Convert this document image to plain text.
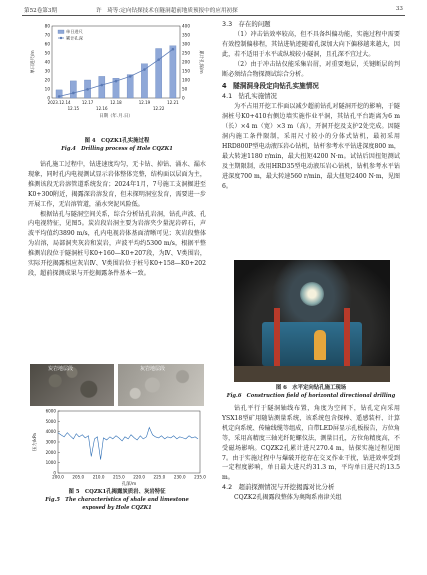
第52卷第3期	许　琦等:定向钻探技术在隧洞超前地质预报中的应用初探	33
0
10
20
30
40
50
60
70
80
0
50
100
150
200
250
300
350
400
单日进尺
累计孔深
单日进尺/m	累计孔深/m
2023.12.14	12.17	12.18	12.19	12.21
12.15	12.16	12.22
日期（年.月.日）
图 4　CQZK1孔实施过程
Fig.4　Drilling process of Hole CQZK1

钻孔施工过程中，钻进速度均匀，无卡钻、掉钻、涌水、漏水现象，同时孔内电视测试显示岩体整体完整，结构面以层面为主，推测该段无岩溶管道系统发育；2024年1月，7号施工支洞掘进至K0+300附近，揭露深岩溶发育，但未探明洞室发育，需要进一步开展工作，无岩溶管道，涌水突泥风险低。

根据钻孔与隧洞空间关系，综合分析钻孔岩洞，钻孔声波、孔内电视特征，见图5。炭岩段岩洞主要为岩溶夹少量泥岩碎石，声波平均值约3890 m/s，孔内电视岩体基面清晰可见；灰岩段整体为岩溶，局部洞夹灰岩和炭岩，声波平均约5300 m/s，根据平整推测岩段位于隧洞桩号K0+160—K0+207段，为Ⅳ、Ⅴ类围岩，实际开挖揭露相应灰岩Ⅳ、Ⅴ类围岩位于桩号K0+158—K0+202段，超前探测成果与开挖揭露条件基本一致。

炭岩地层段	灰岩地层段
0
1000
2000
3000
4000
5000
6000
200.0 205.0 210.0 215.0 220.0 225.0 230.0 235.0
压力/kPa
孔深/m
图 5　CQZK1孔揭露炭质岩、灰岩特征
Fig.5　The characteristics of shale and limestone
exposed by Hole CQZK1

3.3　存在的问题

（1）冲击钻效率较高，但不具备纠偏功能，实施过程中需要有效控制偏移程，其钻进轨迹随着孔深加大向下偏移越来越大，因此，若不适用于水平或纵坡较小隧洞，且孔深不宜过大。

（2）由于冲击钻仅能采集岩屑，对重要地层，关键断层的判断必须结合物探测试综合分析。

4　隧洞洞身段定向钻孔实施情况

4.1　钻孔实施情况

为不占用开挖工作面以减少超前钻孔对隧洞开挖的影响，于隧洞桩号K0+410右侧边墙实施作业平洞，其钻孔平台距离为6 m（长）×4 m（宽）×3 m（高），开洞开挖及支护2处完成。因隧洞内施工条件限制，采用尺寸较小的分体式钻机，最初采用HRD800P型电动液压岩心钻机，钻杆参考水平钻进深度800 m，最大转速1180 r/min，最大扭矩4200 N·m。试钻后因扭矩测试及主期限制，改用HRD35型电动液压岩心钻机，钻机参考水平钻进深度700 m，最大转速560 r/min，最大扭矩2400 N·m，见图6。

图 6　水平定向钻孔施工现场
Fig.6　Construction field of horizontal directional drilling

钻孔平行于隧洞轴线布置，角度为空间下，钻孔定向采用YSX18型矿用随钻测量系统，该系统包含探棒、遥感装杆、计算机定向系统、传输线缆等组成，自带LED屏显示孔板报告，方位角等，采用高精度三轴光纤陀螺仪法，测量目孔，方位角精度高，不受磁场影响。CQZK2孔累计进尺270.4 m，钻探实施过程见图7。由于实施过程中与爆破开挖存在交叉作业干扰，钻进效率受到一定程度影响，单日最大进尺约31.3 m，平均单日进尺约13.5 m。

4.2　超前探测情况与开挖揭露对比分析

CQZK2孔揭露段整体为奥陶系南津关组
